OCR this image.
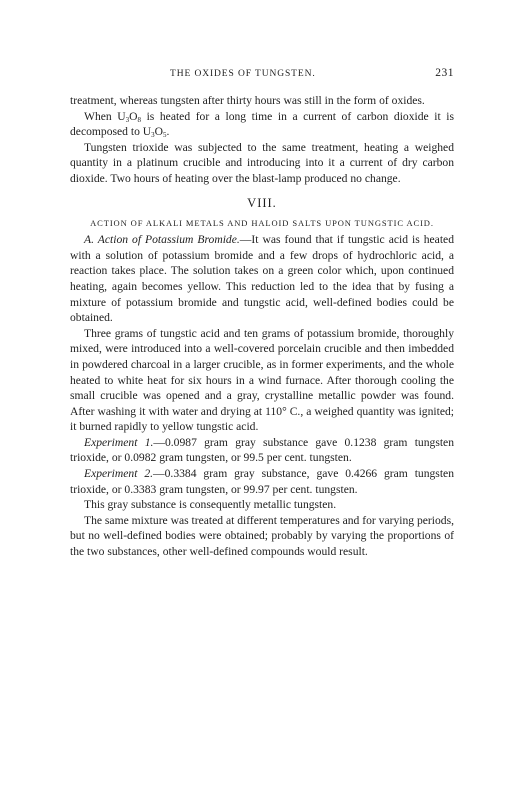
THE OXIDES OF TUNGSTEN.	231

treatment, whereas tungsten after thirty hours was still in the form of oxides.

When $U_3O_8$ is heated for a long time in a current of carbon dioxide it is decomposed to $U_3O_5$.

Tungsten trioxide was subjected to the same treatment, heating a weighed quantity in a platinum crucible and introducing into it a current of dry carbon dioxide. Two hours of heating over the blast-lamp produced no change.

VIII.
ACTION OF ALKALI METALS AND HALOID SALTS UPON TUNGSTIC ACID.

A. Action of Potassium Bromide.—It was found that if tungstic acid is heated with a solution of potassium bromide and a few drops of hydrochloric acid, a reaction takes place. The solution takes on a green color which, upon continued heating, again becomes yellow. This reduction led to the idea that by fusing a mixture of potassium bromide and tungstic acid, well-defined bodies could be obtained.

Three grams of tungstic acid and ten grams of potassium bromide, thoroughly mixed, were introduced into a well-covered porcelain crucible and then imbedded in powdered charcoal in a larger crucible, as in former experiments, and the whole heated to white heat for six hours in a wind furnace. After thorough cooling the small crucible was opened and a gray, crystalline metallic powder was found. After washing it with water and drying at 110° C., a weighed quantity was ignited; it burned rapidly to yellow tungstic acid.

Experiment 1.—0.0987 gram gray substance gave 0.1238 gram tungsten trioxide, or 0.0982 gram tungsten, or 99.5 per cent. tungsten.

Experiment 2.—0.3384 gram gray substance, gave 0.4266 gram tungsten trioxide, or 0.3383 gram tungsten, or 99.97 per cent. tungsten.

This gray substance is consequently metallic tungsten.

The same mixture was treated at different temperatures and for varying periods, but no well-defined bodies were obtained; probably by varying the proportions of the two substances, other well-defined compounds would result.
